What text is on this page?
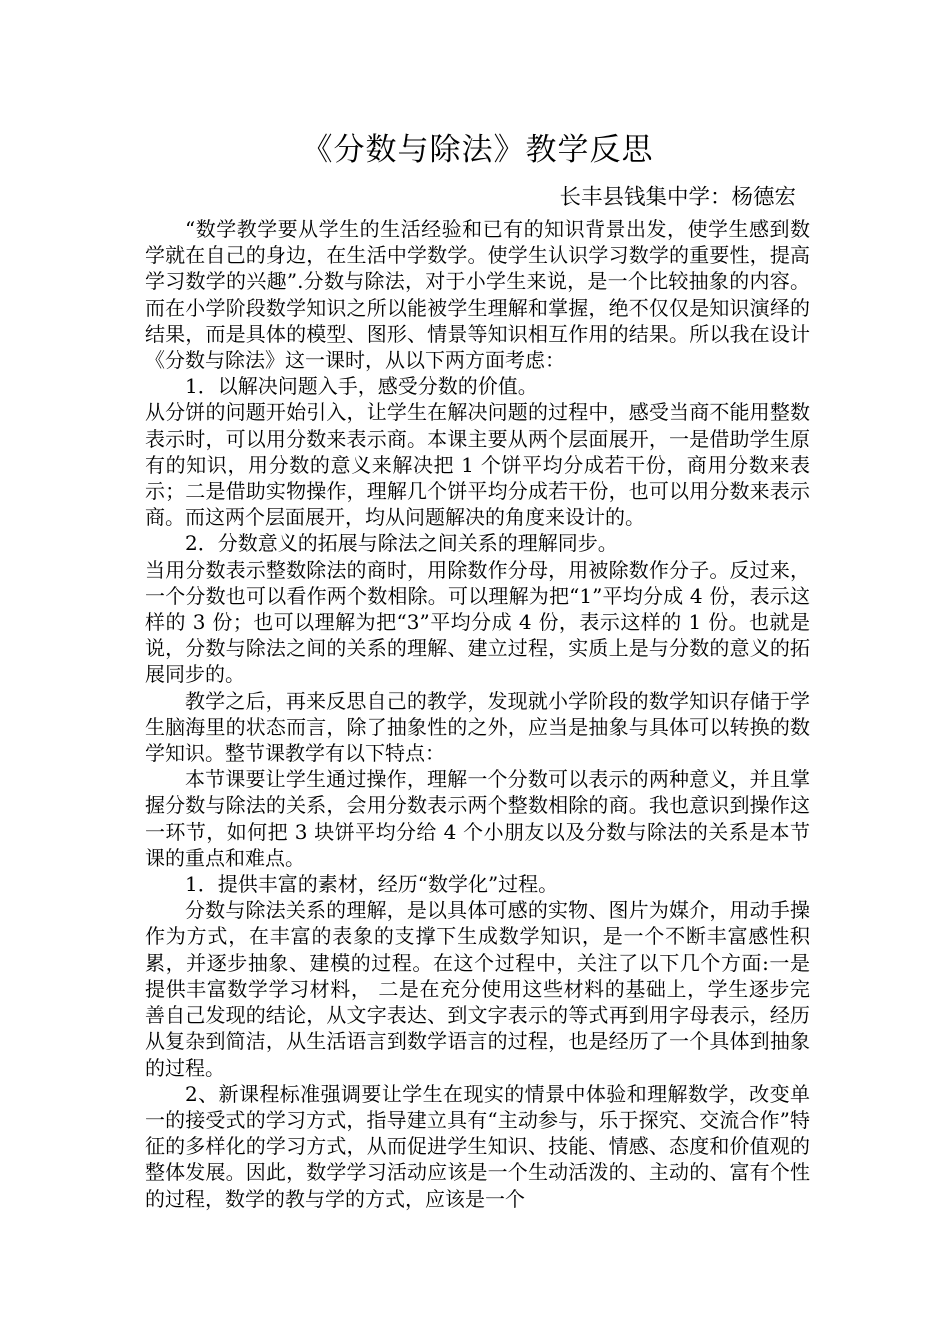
《分数与除法》教学反思
长丰县钱集中学：杨德宏

“数学教学要从学生的生活经验和已有的知识背景出发，使学生感到数学就在自己的身边，在生活中学数学。使学生认识学习数学的重要性，提高学习数学的兴趣”.分数与除法，对于小学生来说，是一个比较抽象的内容。而在小学阶段数学知识之所以能被学生理解和掌握，绝不仅仅是知识演绎的结果，而是具体的模型、图形、情景等知识相互作用的结果。所以我在设计《分数与除法》这一课时，从以下两方面考虑：

1．以解决问题入手，感受分数的价值。

从分饼的问题开始引入，让学生在解决问题的过程中，感受当商不能用整数表示时，可以用分数来表示商。本课主要从两个层面展开，一是借助学生原有的知识，用分数的意义来解决把 1 个饼平均分成若干份，商用分数来表示；二是借助实物操作，理解几个饼平均分成若干份，也可以用分数来表示商。而这两个层面展开，均从问题解决的角度来设计的。

2．分数意义的拓展与除法之间关系的理解同步。

当用分数表示整数除法的商时，用除数作分母，用被除数作分子。反过来，一个分数也可以看作两个数相除。可以理解为把“1”平均分成 4 份，表示这样的 3 份；也可以理解为把“3”平均分成 4 份，表示这样的 1 份。也就是说，分数与除法之间的关系的理解、建立过程，实质上是与分数的意义的拓展同步的。

教学之后，再来反思自己的教学，发现就小学阶段的数学知识存储于学生脑海里的状态而言，除了抽象性的之外，应当是抽象与具体可以转换的数学知识。整节课教学有以下特点：

本节课要让学生通过操作，理解一个分数可以表示的两种意义，并且掌握分数与除法的关系，会用分数表示两个整数相除的商。我也意识到操作这一环节，如何把 3 块饼平均分给 4 个小朋友以及分数与除法的关系是本节课的重点和难点。

1．提供丰富的素材，经历“数学化”过程。

分数与除法关系的理解，是以具体可感的实物、图片为媒介，用动手操作为方式，在丰富的表象的支撑下生成数学知识，是一个不断丰富感性积累，并逐步抽象、建模的过程。在这个过程中，关注了以下几个方面:一是提供丰富数学学习材料， 二是在充分使用这些材料的基础上，学生逐步完善自己发现的结论，从文字表达、到文字表示的等式再到用字母表示，经历从复杂到简洁，从生活语言到数学语言的过程，也是经历了一个具体到抽象的过程。

2、新课程标准强调要让学生在现实的情景中体验和理解数学，改变单一的接受式的学习方式，指导建立具有“主动参与，乐于探究、交流合作”特征的多样化的学习方式，从而促进学生知识、技能、情感、态度和价值观的整体发展。因此，数学学习活动应该是一个生动活泼的、主动的、富有个性的过程，数学的教与学的方式，应该是一个
